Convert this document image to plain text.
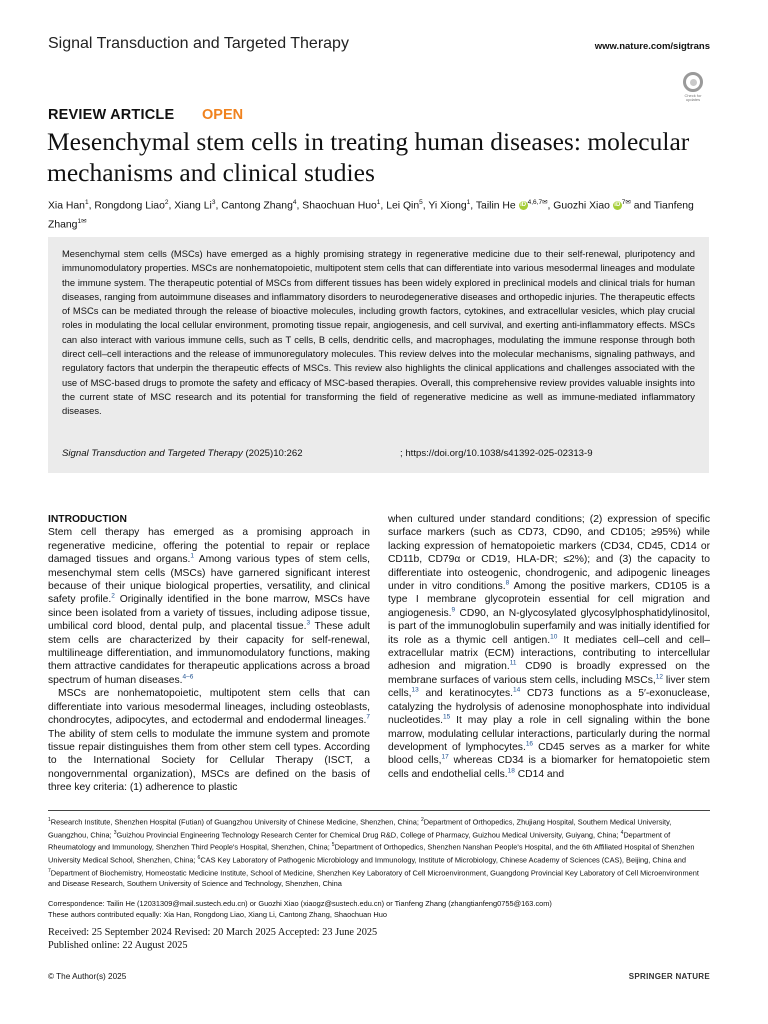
Signal Transduction and Targeted Therapy	www.nature.com/sigtrans
Check for updates
REVIEW ARTICLE OPEN
Mesenchymal stem cells in treating human diseases: molecular mechanisms and clinical studies
Xia Han$^1$, Rongdong Liao$^2$, Xiang Li$^3$, Cantong Zhang$^4$, Shaochuan Huo$^1$, Lei Qin$^5$, Yi Xiong$^1$, Tailin He iD $^{4,6,7✉}$, Guozhi Xiao iD $^{7✉}$ and Tianfeng Zhang$^{1✉}$

Mesenchymal stem cells (MSCs) have emerged as a highly promising strategy in regenerative medicine due to their self-renewal, pluripotency and immunomodulatory properties. MSCs are nonhematopoietic, multipotent stem cells that can differentiate into various mesodermal lineages and modulate the immune system. The therapeutic potential of MSCs from different tissues has been widely explored in preclinical models and clinical trials for human diseases, ranging from autoimmune diseases and inflammatory disorders to neurodegenerative diseases and orthopedic injuries. The therapeutic effects of MSCs can be mediated through the release of bioactive molecules, including growth factors, cytokines, and extracellular vesicles, which play crucial roles in modulating the local cellular environment, promoting tissue repair, angiogenesis, and cell survival, and exerting anti-inflammatory effects. MSCs can also interact with various immune cells, such as T cells, B cells, dendritic cells, and macrophages, modulating the immune response through both direct cell–cell interactions and the release of immunoregulatory molecules. This review delves into the molecular mechanisms, signaling pathways, and regulatory factors that underpin the therapeutic effects of MSCs. This review also highlights the clinical applications and challenges associated with the use of MSC-based drugs to promote the safety and efficacy of MSC-based therapies. Overall, this comprehensive review provides valuable insights into the current state of MSC research and its potential for transforming the field of regenerative medicine as well as immune-mediated inflammatory diseases.

Signal Transduction and Targeted Therapy (2025)10:262	; https://doi.org/10.1038/s41392-025-02313-9
INTRODUCTION

Stem cell therapy has emerged as a promising approach in regenerative medicine, offering the potential to repair or replace damaged tissues and organs.$^1$ Among various types of stem cells, mesenchymal stem cells (MSCs) have garnered significant interest because of their unique biological properties, versatility, and clinical safety profile.$^2$ Originally identified in the bone marrow, MSCs have since been isolated from a variety of tissues, including adipose tissue, umbilical cord blood, dental pulp, and placental tissue.$^3$ These adult stem cells are characterized by their capacity for self-renewal, multilineage differentiation, and immunomodulatory functions, making them attractive candidates for therapeutic applications across a broad spectrum of human diseases.$^{4-6}$

MSCs are nonhematopoietic, multipotent stem cells that can differentiate into various mesodermal lineages, including osteoblasts, chondrocytes, adipocytes, and ectodermal and endodermal lineages.$^7$ The ability of stem cells to modulate the immune system and promote tissue repair distinguishes them from other stem cell types. According to the International Society for Cellular Therapy (ISCT, a nongovernmental organization), MSCs are defined on the basis of three key criteria: (1) adherence to plastic

when cultured under standard conditions; (2) expression of specific surface markers (such as CD73, CD90, and CD105; ≥95%) while lacking expression of hematopoietic markers (CD34, CD45, CD14 or CD11b, CD79α or CD19, HLA-DR; ≤2%); and (3) the capacity to differentiate into osteogenic, chondrogenic, and adipogenic lineages under in vitro conditions.$^8$ Among the positive markers, CD105 is a type I membrane glycoprotein essential for cell migration and angiogenesis.$^9$ CD90, an N-glycosylated glycosylphosphatidylinositol, is part of the immunoglobulin superfamily and was initially identified for its role as a thymic cell antigen.$^{10}$ It mediates cell–cell and cell–extracellular matrix (ECM) interactions, contributing to intercellular adhesion and migration.$^{11}$ CD90 is broadly expressed on the membrane surfaces of various stem cells, including MSCs,$^{12}$ liver stem cells,$^{13}$ and keratinocytes.$^{14}$ CD73 functions as a 5′-exonuclease, catalyzing the hydrolysis of adenosine monophosphate into individual nucleotides.$^{15}$ It may play a role in cell signaling within the bone marrow, modulating cellular interactions, particularly during the normal development of lymphocytes.$^{16}$ CD45 serves as a marker for white blood cells,$^{17}$ whereas CD34 is a biomarker for hematopoietic stem cells and endothelial cells.$^{18}$ CD14 and

$^1$Research Institute, Shenzhen Hospital (Futian) of Guangzhou University of Chinese Medicine, Shenzhen, China; $^2$Department of Orthopedics, Zhujiang Hospital, Southern Medical University, Guangzhou, China; $^3$Guizhou Provincial Engineering Technology Research Center for Chemical Drug R&D, College of Pharmacy, Guizhou Medical University, Guiyang, China; $^4$Department of Rheumatology and Immunology, Shenzhen Third People's Hospital, Shenzhen, China; $^5$Department of Orthopedics, Shenzhen Nanshan People's Hospital, and the 6th Affiliated Hospital of Shenzhen University Medical School, Shenzhen, China; $^6$CAS Key Laboratory of Pathogenic Microbiology and Immunology, Institute of Microbiology, Chinese Academy of Sciences (CAS), Beijing, China and $^7$Department of Biochemistry, Homeostatic Medicine Institute, School of Medicine, Shenzhen Key Laboratory of Cell Microenvironment, Guangdong Provincial Key Laboratory of Cell Microenvironment and Disease Research, Southern University of Science and Technology, Shenzhen, China

Correspondence: Tailin He (12031309@mail.sustech.edu.cn) or Guozhi Xiao (xiaogz@sustech.edu.cn) or Tianfeng Zhang (zhangtianfeng0755@163.com)
These authors contributed equally: Xia Han, Rongdong Liao, Xiang Li, Cantong Zhang, Shaochuan Huo
Received: 25 September 2024 Revised: 20 March 2025 Accepted: 23 June 2025
Published online: 22 August 2025
© The Author(s) 2025	SPRINGER NATURE
